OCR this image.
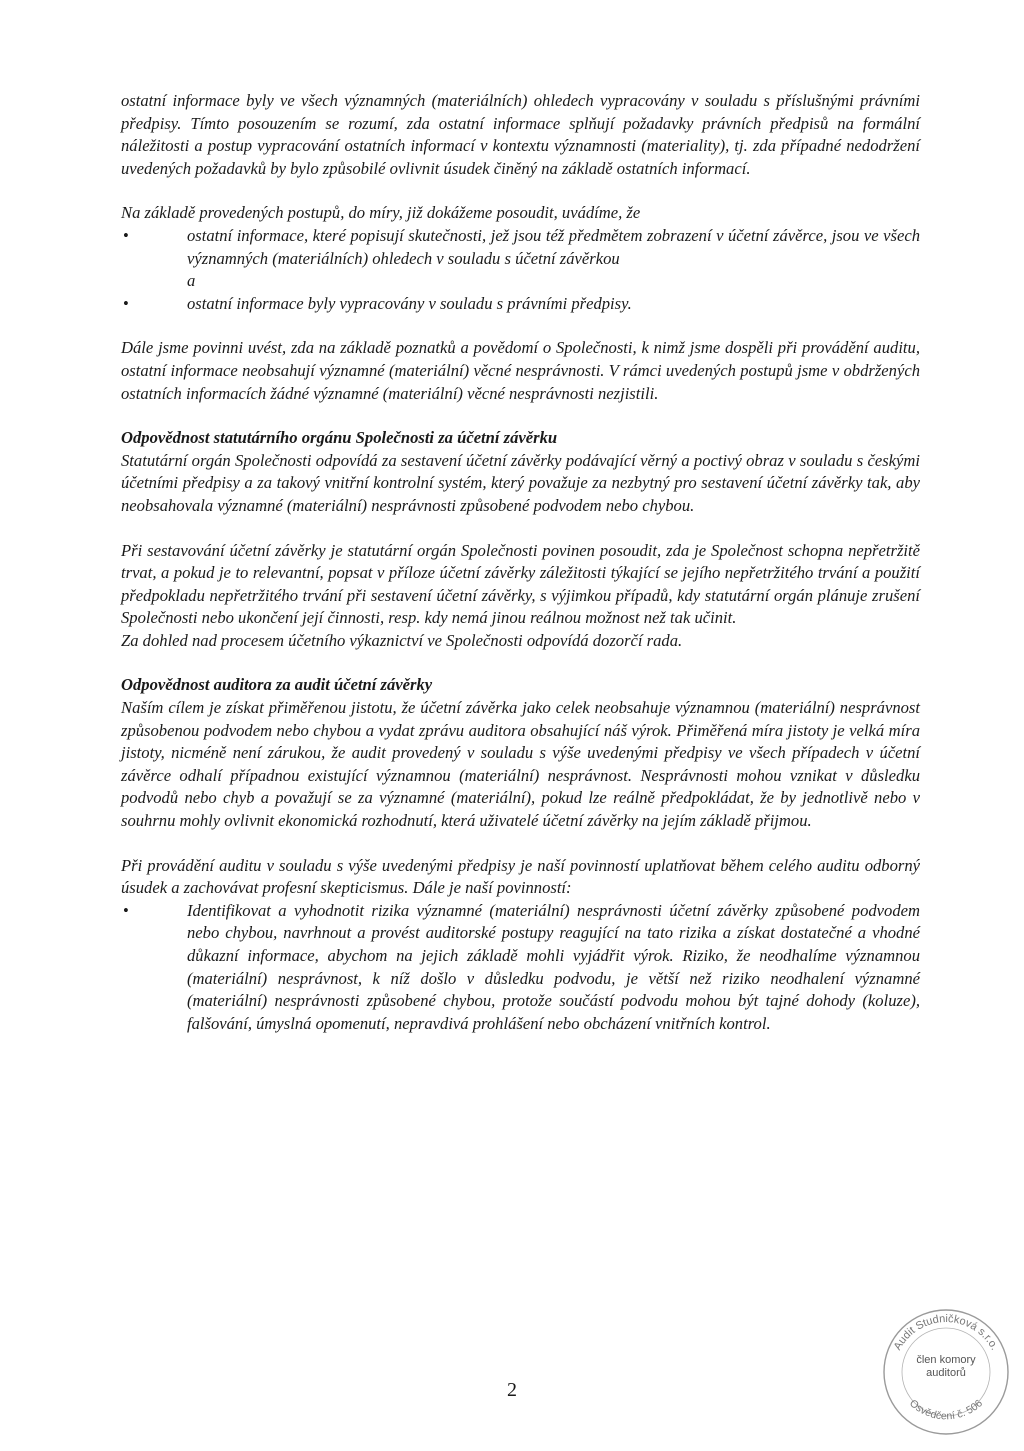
ostatní informace byly ve všech významných (materiálních) ohledech vypracovány v souladu s příslušnými právními předpisy. Tímto posouzením se rozumí, zda ostatní informace splňují požadavky právních předpisů na formální náležitosti a postup vypracování ostatních informací v kontextu významnosti (materiality), tj. zda případné nedodržení uvedených požadavků by bylo způsobilé ovlivnit úsudek činěný na základě ostatních informací.

Na základě provedených postupů, do míry, již dokážeme posoudit, uvádíme, že

•	ostatní informace, které popisují skutečnosti, jež jsou též předmětem zobrazení v účetní závěrce, jsou ve všech významných (materiálních) ohledech v souladu s účetní závěrkou
a
•	ostatní informace byly vypracovány v souladu s právními předpisy.

Dále jsme povinni uvést, zda na základě poznatků a povědomí o Společnosti, k nimž jsme dospěli při provádění auditu, ostatní informace neobsahují významné (materiální) věcné nesprávnosti. V rámci uvedených postupů jsme v obdržených ostatních informacích žádné významné (materiální) věcné nesprávnosti nezjistili.

Odpovědnost statutárního orgánu Společnosti za účetní závěrku

Statutární orgán Společnosti odpovídá za sestavení účetní závěrky podávající věrný a poctivý obraz v souladu s českými účetními předpisy a za takový vnitřní kontrolní systém, který považuje za nezbytný pro sestavení účetní závěrky tak, aby neobsahovala významné (materiální) nesprávnosti způsobené podvodem nebo chybou.

Při sestavování účetní závěrky je statutární orgán Společnosti povinen posoudit, zda je Společnost schopna nepřetržitě trvat, a pokud je to relevantní, popsat v příloze účetní závěrky záležitosti týkající se jejího nepřetržitého trvání a použití předpokladu nepřetržitého trvání při sestavení účetní závěrky, s výjimkou případů, kdy statutární orgán plánuje zrušení Společnosti nebo ukončení její činnosti, resp. kdy nemá jinou reálnou možnost než tak učinit.

Za dohled nad procesem účetního výkaznictví ve Společnosti odpovídá dozorčí rada.

Odpovědnost auditora za audit účetní závěrky

Naším cílem je získat přiměřenou jistotu, že účetní závěrka jako celek neobsahuje významnou (materiální) nesprávnost způsobenou podvodem nebo chybou a vydat zprávu auditora obsahující náš výrok. Přiměřená míra jistoty je velká míra jistoty, nicméně není zárukou, že audit provedený v souladu s výše uvedenými předpisy ve všech případech v účetní závěrce odhalí případnou existující významnou (materiální) nesprávnost. Nesprávnosti mohou vznikat v důsledku podvodů nebo chyb a považují se za významné (materiální), pokud lze reálně předpokládat, že by jednotlivě nebo v souhrnu mohly ovlivnit ekonomická rozhodnutí, která uživatelé účetní závěrky na jejím základě přijmou.

Při provádění auditu v souladu s výše uvedenými předpisy je naší povinností uplatňovat během celého auditu odborný úsudek a zachovávat profesní skepticismus. Dále je naší povinností:

•	Identifikovat a vyhodnotit rizika významné (materiální) nesprávnosti účetní závěrky způsobené podvodem nebo chybou, navrhnout a provést auditorské postupy reagující na tato rizika a získat dostatečné a vhodné důkazní informace, abychom na jejich základě mohli vyjádřit výrok. Riziko, že neodhalíme významnou (materiální) nesprávnost, k níž došlo v důsledku podvodu, je větší než riziko neodhalení významné (materiální) nesprávnosti způsobené chybou, protože součástí podvodu mohou být tajné dohody (koluze), falšování, úmyslná opomenutí, nepravdivá prohlášení nebo obcházení vnitřních kontrol.
2
Audit Studničková s.r.o.
Osvědčení č. 506
člen komory
auditorů
